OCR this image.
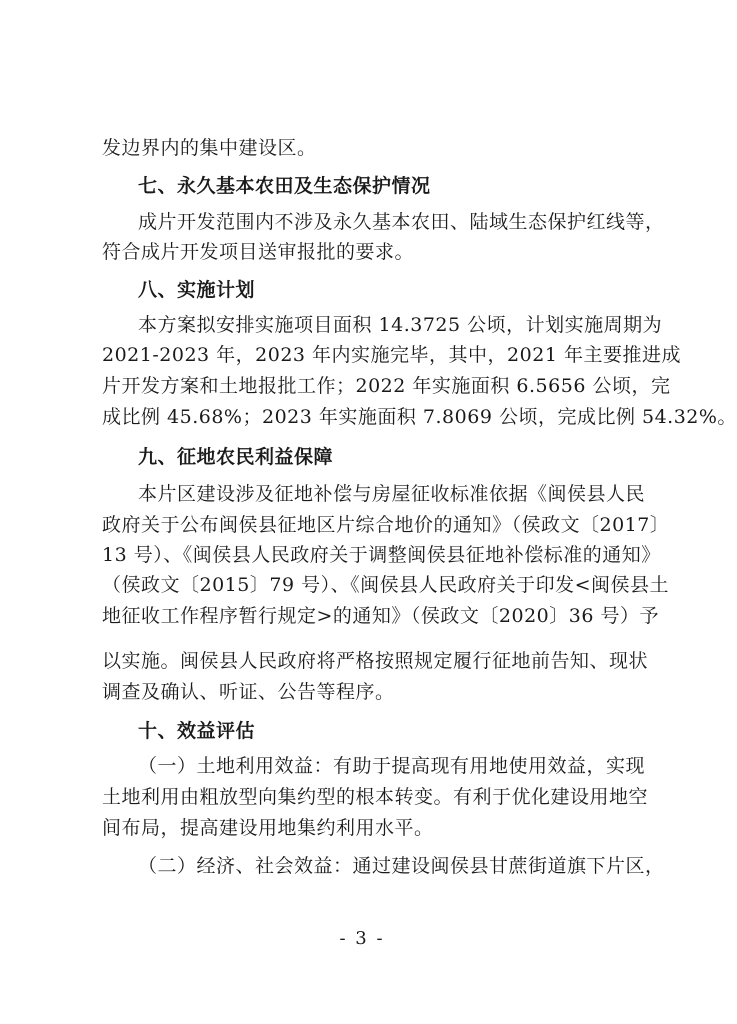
发边界内的集中建设区。
七、永久基本农田及生态保护情况
成片开发范围内不涉及永久基本农田、陆域生态保护红线等，
符合成片开发项目送审报批的要求。
八、实施计划
本方案拟安排实施项目面积 14.3725 公顷，计划实施周期为
2021-2023 年，2023 年内实施完毕，其中，2021 年主要推进成
片开发方案和土地报批工作；2022 年实施面积 6.5656 公顷，完
成比例 45.68%；2023 年实施面积 7.8069 公顷，完成比例 54.32%。
九、征地农民利益保障
本片区建设涉及征地补偿与房屋征收标准依据《闽侯县人民
政府关于公布闽侯县征地区片综合地价的通知》（侯政文〔2017〕
13 号）、《闽侯县人民政府关于调整闽侯县征地补偿标准的通知》
（侯政文〔2015〕79 号）、《闽侯县人民政府关于印发<闽侯县土
地征收工作程序暂行规定>的通知》（侯政文〔2020〕36 号）予
以实施。闽侯县人民政府将严格按照规定履行征地前告知、现状
调查及确认、听证、公告等程序。
十、效益评估
（一）土地利用效益：有助于提高现有用地使用效益，实现
土地利用由粗放型向集约型的根本转变。有利于优化建设用地空
间布局，提高建设用地集约利用水平。
（二）经济、社会效益：通过建设闽侯县甘蔗街道旗下片区，
- 3 -
